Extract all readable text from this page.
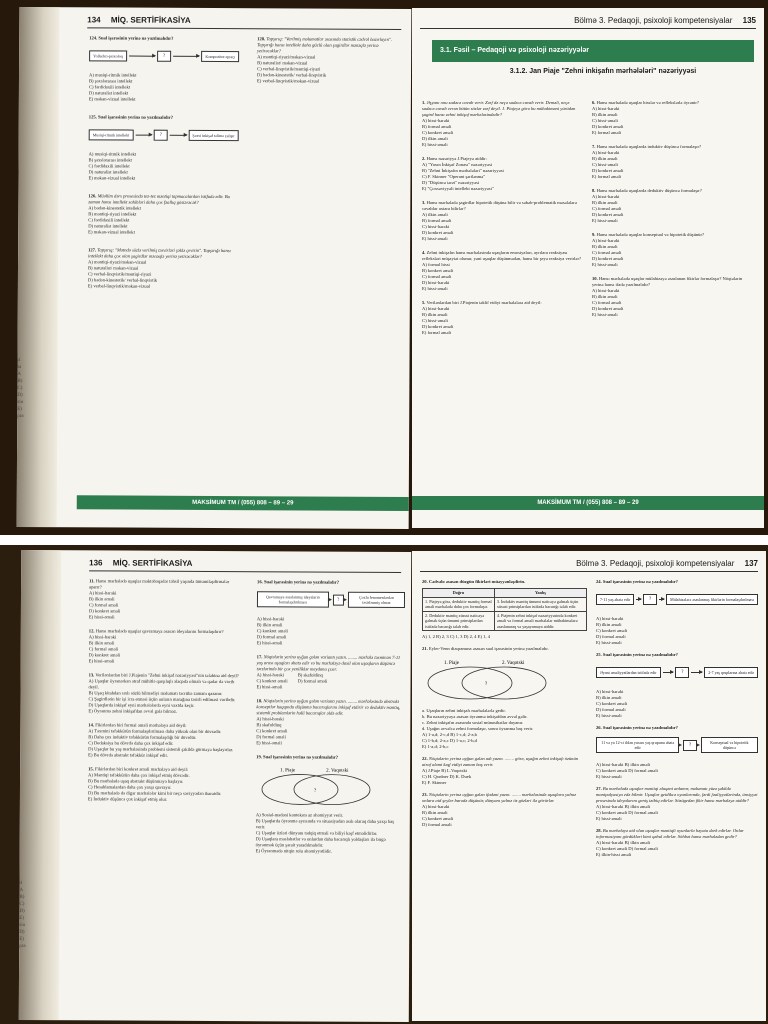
4
ta
A
B)
C)
D)
sin
E)
pra
134 MİQ. SERTİFİKASİYA
124. Sual işarəsinin yerinə nə yazılmalıdır?
Yolladıcı-psixoloq	?	Kompozitor-qıraçı
A) musiqi-ritmik intellekt
B) şəxslərarası intellekt
C) fərdidaxili intellekt
D) naturalist intellekt
E) məkan-vizual intellekt
125. Sual işarəsinin yerinə nə yazılmalıdır?
Musiqi-ritmik intellekt	?	Şəxsi inkişaf təlimə çalışır
A) musiqi-ritmik intellekt
B) şəxslərarası intellekt
C) fərdidaxili intellekt
D) naturalist intellekt
E) məkan-vizual intellekt
126. Müəllim dərs prosesində tez-tez məntiqi tapmacalardan istifadə edir. Bu zaman hansı intellekt sahibləri daha çox fəallıq göstərəcək?
A) bədən-kinestetik intellekt
B) məntiqi-riyazi intellekt
C) fərdidaxili intellekt
D) naturalist intellekt
E) məkan-vizual intellekt
127. Tapşırıq: "Mətndə sözlə verilmiş təsvirləri şəklə çevirin". Tapşırığı hansı intellekt daha çox olan şagirdlər mənəqlə yerinə yetirəcəklər?
A) məntiqi-riyazi/məkan-vizual
B) naturalist/ məkan-vizual
C) verbal-linqvistik/məntiqi-riyazi
D) bədən-kinestetik/ verbal-linqvistik
E) verbal-linqvistik/məkan-vizual
128. Tapşırıq: "Verilmiş məlumatlar əsasında statistik cədvəl hazırlayın". Tapşırığı hansı intellekt daha güclü olan şagirdlər mənəqlə yerinə yetirəcəklər?
A) məntiqi-riyazi/məkan-vizual
B) naturalist/ məkan-vizual
C) verbal-linqvistik/məntiqi-riyazi
D) bədən-kinestetik/ verbal-linqvistik
E) verbal-linqvistik/məkan-vizual
MAKSİMUM TM / (055) 808 – 89 – 29
Bölmə 3. Pedaqoji, psixoloji kompetensiyalar 135
3.1. Fəsil – Pedaqoji və psixoloji nəzəriyyələr
3.1.2. Jan Piaje "Zehni inkişafın mərhələləri" nəzəriyyəsi
1. Əşyanı onu sadəcə cavab verir. Zərf də neçə sadəcə cavab verir. Deməli, neçə sadəcə cavab verən bütün sözlər zərf deyil. J. Piajeyə görə bu mühakiməni yürüdən şagird hansı zehni inkişaf mərhələsindədir?
A) hissi-hərəki
B) formal əməli
C) konkret əməli
D) ilkin əməli
E) hissi-əməli
2. Hansı nəzəriyyə J.Piajeyə aiddir:
A) "Yaxın İnkişaf Zonası" nəzəriyyəsi
B) "Zehni İnkişafın mərhələləri" nəzəriyyəsi
C) F. Skinner "Operant şərtlənmə"
D) "Düşüncə tərzi" nəzəriyyəsi
E) "Çoxsəviyyəli intellekt nəzəriyyəsi"
3. Hansı mərhələdə şagirdlər hipotetik düşünə bilir və səbəb-problematik məsələlərə cavablar axtara bilirlər?
A) ilkin əməli
B) formal əməli
C) hissi-hərəki
D) konkret əməli
E) hissi-əməli
4. Zehni inkişafın hansı mərhələsində uşaqların emosiyaları, ayrılara reaksiyası refleksləri müşayiət olunur, yəni uşaqlar düşünmədən, hansı bir şeyə reaksiya verirlər?
A) formal hissi
B) konkret əməli
C) formal əməli
D) hissi-hərəki
E) hissi-əməli
5. Verilənlərdən biri J.Piajenin təklif etdiyi mərhələlərə aid deyil:
A) hissi-hərəki
B) ilkin əməli
C) hissi-əməli
D) konkret əməli
E) formal əməli
6. Hansı mərhələdə uşaqlar hisslər və reflekslərlə öyrənir?
A) hissi-hərəki
B) ilkin əməli
C) hissi-əməli
D) konkret əməli
E) formal əməli
7. Hansı mərhələdə uşaqlarda induktiv düşüncə formalaşır?
A) hissi-hərəki
B) ilkin əməli
C) hissi-əməli
D) konkret əməli
E) formal əməli
8. Hansı mərhələdə uşaqlarda deduktiv düşüncə formalaşır?
A) hissi-hərəki
B) ilkin əməli
C) formal əməli
D) konkret əməli
E) hissi-əməli
9. Hansı mərhələdə uşaqlar konseptual və hipotetik düşünür?
A) hissi-hərəki
B) ilkin əməli
C) formal əməli
D) konkret əməli
E) hissi-əməli
10. Hansı mərhələdə uşaqlar mülahizəyə əsaslanan fikirlər formalaşır? Nöqtələrin yerinə hansı ifadə yazılmalıdır?
A) hissi-hərəki
B) ilkin əməli
C) formal əməli
D) konkret əməli
E) hissi-əməli
MAKSİMUM TM / (055) 808 – 89 – 29
4
A
B)
C)
D)
E)
sin
D)
E)
pra
136 MİQ. SERTİFİKASİYA
11. Hansı mərhələdə uşaqlar məktəbəqədər təhsil yaşında ümumiləşdirmələr aparır?
A) hissi-hərəki
B) ilkin əməli
C) formal əməli
D) konkret əməli
E) hissi-əməli
12. Hansı mərhələdə uşaqlar qavramaya əsasən ideyalarını formalaşdırır?
A) hissi-hərəki
B) ilkin əməli
C) formal əməli
D) konkret əməli
E) hissi-əməli
13. Verilənlərdən biri J.Piajenin "Zehni inkişaf nəzəriyyəsi"nin tələbinə aid deyil?
A) Uşaqlar öyrənərkən ətraf mühitlə qarşılıqlı əlaqədə olmalı və qədər də vacib deyil.
B) Uşaq kitabdan sıxlı sözlü bilmədiyi məlumatı təcrübə zamanı qazanır.
C) Şagirdlərin bir işi icra etməsi üçün onların marağına təsirli edilməsi vacibdir.
D) Uşaqlarda inkişaf eyni mərhələlərdə eyni vaxtda keçir.
E) Öyrənmə zehni inkişafdan əvvəl gələ bilməz.
14. Fikirlərdən biri formal əməli mərhələyə aid deyil:
A) Təxmini təfəkkürün formalaşdırılması daha yüksək olan bir dövrədir.
B) Daha çox induktiv təfəkkürün formalaşdığı bir dövrdür.
C) Dedaksiya bu dövrdə daha çox inkişaf edir.
D) Uşaqlar bu yaş mərhələsində problemi sistemli şəkildə görməyə başlayırlar.
E) Bu dövrdə abstrakt təfəkkür inkişaf edir.
15. Fikirlərdən biri konkret əməli mərhələyə aid deyil:
A) Məntiqi təfəkkürün daha çox inkişaf etmiş dövrədir.
B) Bu mərhələdə uşaq abstrakt düşünməyə başlayır.
C) Hesablamalardan daha çox yaxşı qavrayır.
D) Bu mərhələdə də digər mərhələlər kimi bir neçə səviyyədən ibarətdir.
E) İnduktiv düşüncə çox inkişaf etmiş olur.
16. Sual işarəsinin yerinə nə yazılmalıdır?
Qavramaya əsaslanmış ideyaların formalaşdırılması	?	Çoxlu fenomenlərdən təsirlənmiş olmaz
A) hissi-hərəki
B) ilkin əməli
C) konkret əməli
D) formal əməli
E) hissi-əməli
17. Nöqtələrin yerinə uyğun gələn variantı yazın. ........ mərhələ təxminən 7-11 yaş arası uşaqları əhatə edir və bu mərhələyə daxil olan uşaqların düşüncə tərzlərində bir çox yeniliklər meydana çıxır.
A) hissi-hərəki
C) konkret əməli
E) hissi-əməli
B) skafoldinq
D) formal əməli
18. Nöqtələrin yerinə uyğun gələn variantı yazın. ........ mərhələsində abstrakt konseptlər haqqında düşünmə bacarıqlarını inkişaf etdirir və deduktiv məntiq, sistemli problemlərin həlli bacarıqlar əldə edir.
A) hissi-hərəki
B) skafoldinq
C) konkret əməli
D) formal əməli
E) hissi-əməli
19. Sual işarəsinin yerinə nə yazılmalıdır?
1. Piaje	2. Vaqotski
?
A) Sosial-mədəni kontekstə az əhəmiyyət verir.
B) Uşaqlarda öyrənmə ayrısında və situasiyadan asılı olaraq daha yaxşı baş verir.
C) Uşaqlar özləri dünyanı tədqiq etməli və biliyi kəşf etməlidirlər.
D) Uşaqlara məsləhətlər və onlardan daha bacarıqlı yoldaşları ilə birgə öyrənmək üçün şərait yaradılmalıdır.
E) Öyrənmədə nitqin rolu əhəmiyyətlidir.
Bölmə 3. Pedaqoji, psixoloji kompetensiyalar 137
20. Cədvəlo əsasən düzgün fikirləri müəyyənləşdirin.
Doğru	Yanlış
1. Piajeyə görə, deduktiv məntiq formal əməli mərhələdə daha çox formalaşır.	3. İnduktiv məntiq ümumi nəticəyə gəlmək üçün xüsusi prinsiplərdən istifadə bacarığı tələb edir.
2. Deduktiv məntiq xüsusi nəticəyə gəlmək üçün ümumi prinsiplərdən istifadə bacarığı tələb edir.	4. Piajenin zehni inkişaf nəzəriyyəsində konkret əməli və formal əməli mərhələlər mühakimələrə əsaslanaraq və yaşayamaya aiddir.
A) 1, 2 B) 2, 3 C) 1, 3 D) 2, 4 E) 1, 4
21. Eyler-Venn diaqramına əsasən sual işarəsinin yerinə yazılmalıdır.
1. Piaje	2. Vaqotski
?
a. Uşaqların zehni inkişafı mərhələlərlə gedir.
b. Bu nəzəriyyəyə əsasən öyrənmə inkişafdan əvvəl gəlir.
c. Zehni inkişafın əsasında sosial münasibətlər dayanır.
d. Uşağın əvvəlcə zehni formalaşır, sonra öyrənmə baş verir.
A) 1-a,d; 2-c,d B) 1-c,d; 2-a,b
C) 1-b,d; 2-a,c D) 1-a,c; 2-b,d
E) 1-a,d; 2-b,c
22. Nöqtələrin yerinə uyğun gələn adı yazın. ........ görə, uşağın zehni inkişafı özünün atraf aləmi kəşf etdiyi zaman baş verir.
A) J.Piaje B) L.Vaqotski
C) H. Qardner D) K. Duek
E) F. Skinner
23. Nöqtələrin yerinə uyğun gələn ifadəni yazın. ........ mərhələsində uşaqlara yalnız onlara aid şeylər barədə düşünür, dünyanı yalnız öz gözləri ilə görürlər.
A) hissi-hərəki
B) ilkin əməli
C) konkret əməli
D) formal əməli
24. Sual işarəsinin yerinə nə yazılmalıdır?
7-11 yaş əhatə edir	?	Mülahizələrə əsaslanmış fikirlərin formalaşdırılması
A) hissi-hərəki
B) ilkin əməli
C) konkret əməli
D) formal əməli
E) hissi-əməli
25. Sual işarəsinin yerinə nə yazılmalıdır?
Əyani əməliyyatlardan istifadə edir	?	2-7 yaş qruplarına əhatə edir
A) hissi-hərəki
B) ilkin əməli
C) konkret əməli
D) formal əməli
E) hissi-əməli
26. Sual işarəsinin yerinə nə yazılmalıdır?
11 və ya 12-ci ildən yuxarı yaş qrupunu əhatə edir	?	Konseptual və hipotetik düşüncə
A) hissi-hərəki B) ilkin əməli
C) konkret əməli D) formal əməli
E) hissi-əməli
27. Bu mərhələdə uşaqlar məntiqi əlaqəni anlamır, məlumatı yüzə şəkildə manipulyasiya edə bilmir. Uşaqlar getdikcə oyunlarında, fərdi fəaliyyətlərində, ünsiyyət prosesində ideyalarını geniş tətbiq edirlər. Sözügedən fikir hansı mərhələyə aiddir?
A) hissi-hərəki B) ilkin əməli
C) konkret əməli D) formal əməli
E) hissi-əməli
28. Bu mərhələyə aid olan uşaqlar məntiqli oyunlarla həyata dərk edirlər. Onlar informasiyanı gördükləri kimi qəbul edirlər. Söhbət hansı mərhələdən gedir?
A) hissi-hərəki B) ilkin əməli
C) konkret əməli D) formal əməli
E) ilkin-hissi əməli
